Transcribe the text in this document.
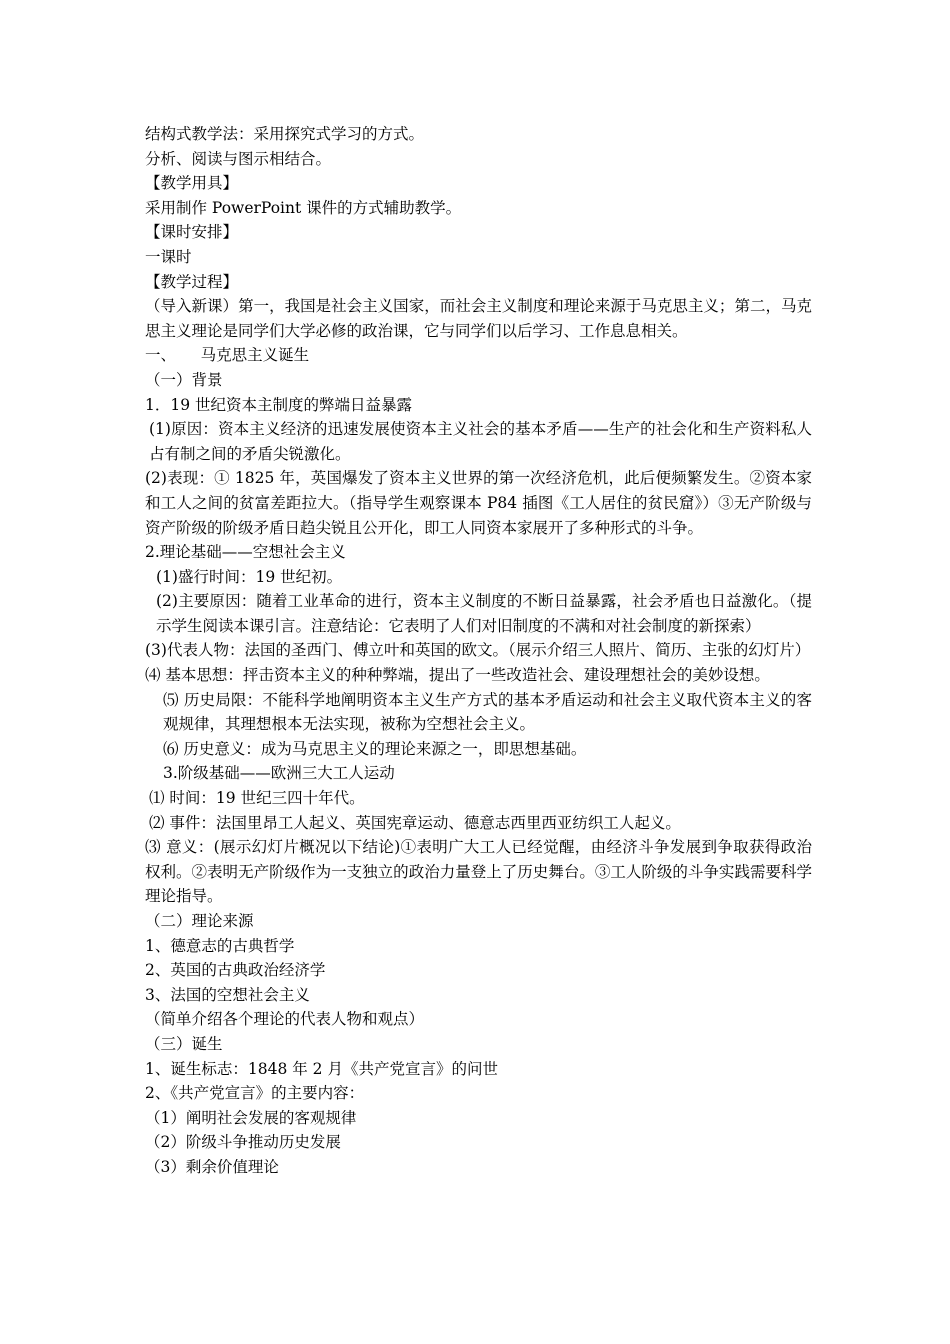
结构式教学法：采用探究式学习的方式。

分析、阅读与图示相结合。

【教学用具】

采用制作 PowerPoint 课件的方式辅助教学。

【课时安排】

一课时

【教学过程】

（导入新课）第一，我国是社会主义国家，而社会主义制度和理论来源于马克思主义；第二，马克思主义理论是同学们大学必修的政治课，它与同学们以后学习、工作息息相关。

一、     马克思主义诞生

（一）背景

1．19 世纪资本主制度的弊端日益暴露

(1)原因：资本主义经济的迅速发展使资本主义社会的基本矛盾——生产的社会化和生产资料私人占有制之间的矛盾尖锐激化。

(2)表现：① 1825 年，英国爆发了资本主义世界的第一次经济危机，此后便频繁发生。②资本家和工人之间的贫富差距拉大。（指导学生观察课本 P84 插图《工人居住的贫民窟》）③无产阶级与资产阶级的阶级矛盾日趋尖锐且公开化，即工人同资本家展开了多种形式的斗争。

2.理论基础——空想社会主义

(1)盛行时间：19 世纪初。

(2)主要原因：随着工业革命的进行，资本主义制度的不断日益暴露，社会矛盾也日益激化。（提示学生阅读本课引言。注意结论：它表明了人们对旧制度的不满和对社会制度的新探索）

(3)代表人物：法国的圣西门、傅立叶和英国的欧文。（展示介绍三人照片、简历、主张的幻灯片）

⑷ 基本思想：抨击资本主义的种种弊端，提出了一些改造社会、建设理想社会的美妙设想。

⑸ 历史局限：不能科学地阐明资本主义生产方式的基本矛盾运动和社会主义取代资本主义的客观规律，其理想根本无法实现，被称为空想社会主义。

⑹ 历史意义：成为马克思主义的理论来源之一，即思想基础。

3.阶级基础——欧洲三大工人运动

⑴ 时间：19 世纪三四十年代。

⑵ 事件：法国里昂工人起义、英国宪章运动、德意志西里西亚纺织工人起义。

⑶ 意义：(展示幻灯片概况以下结论)①表明广大工人已经觉醒，由经济斗争发展到争取获得政治权利。②表明无产阶级作为一支独立的政治力量登上了历史舞台。③工人阶级的斗争实践需要科学理论指导。

（二）理论来源

1、德意志的古典哲学

2、英国的古典政治经济学

3、法国的空想社会主义

（简单介绍各个理论的代表人物和观点）

（三）诞生

1、诞生标志：1848 年 2 月《共产党宣言》的问世

2、《共产党宣言》的主要内容：

（1）阐明社会发展的客观规律

（2）阶级斗争推动历史发展

（3）剩余价值理论
